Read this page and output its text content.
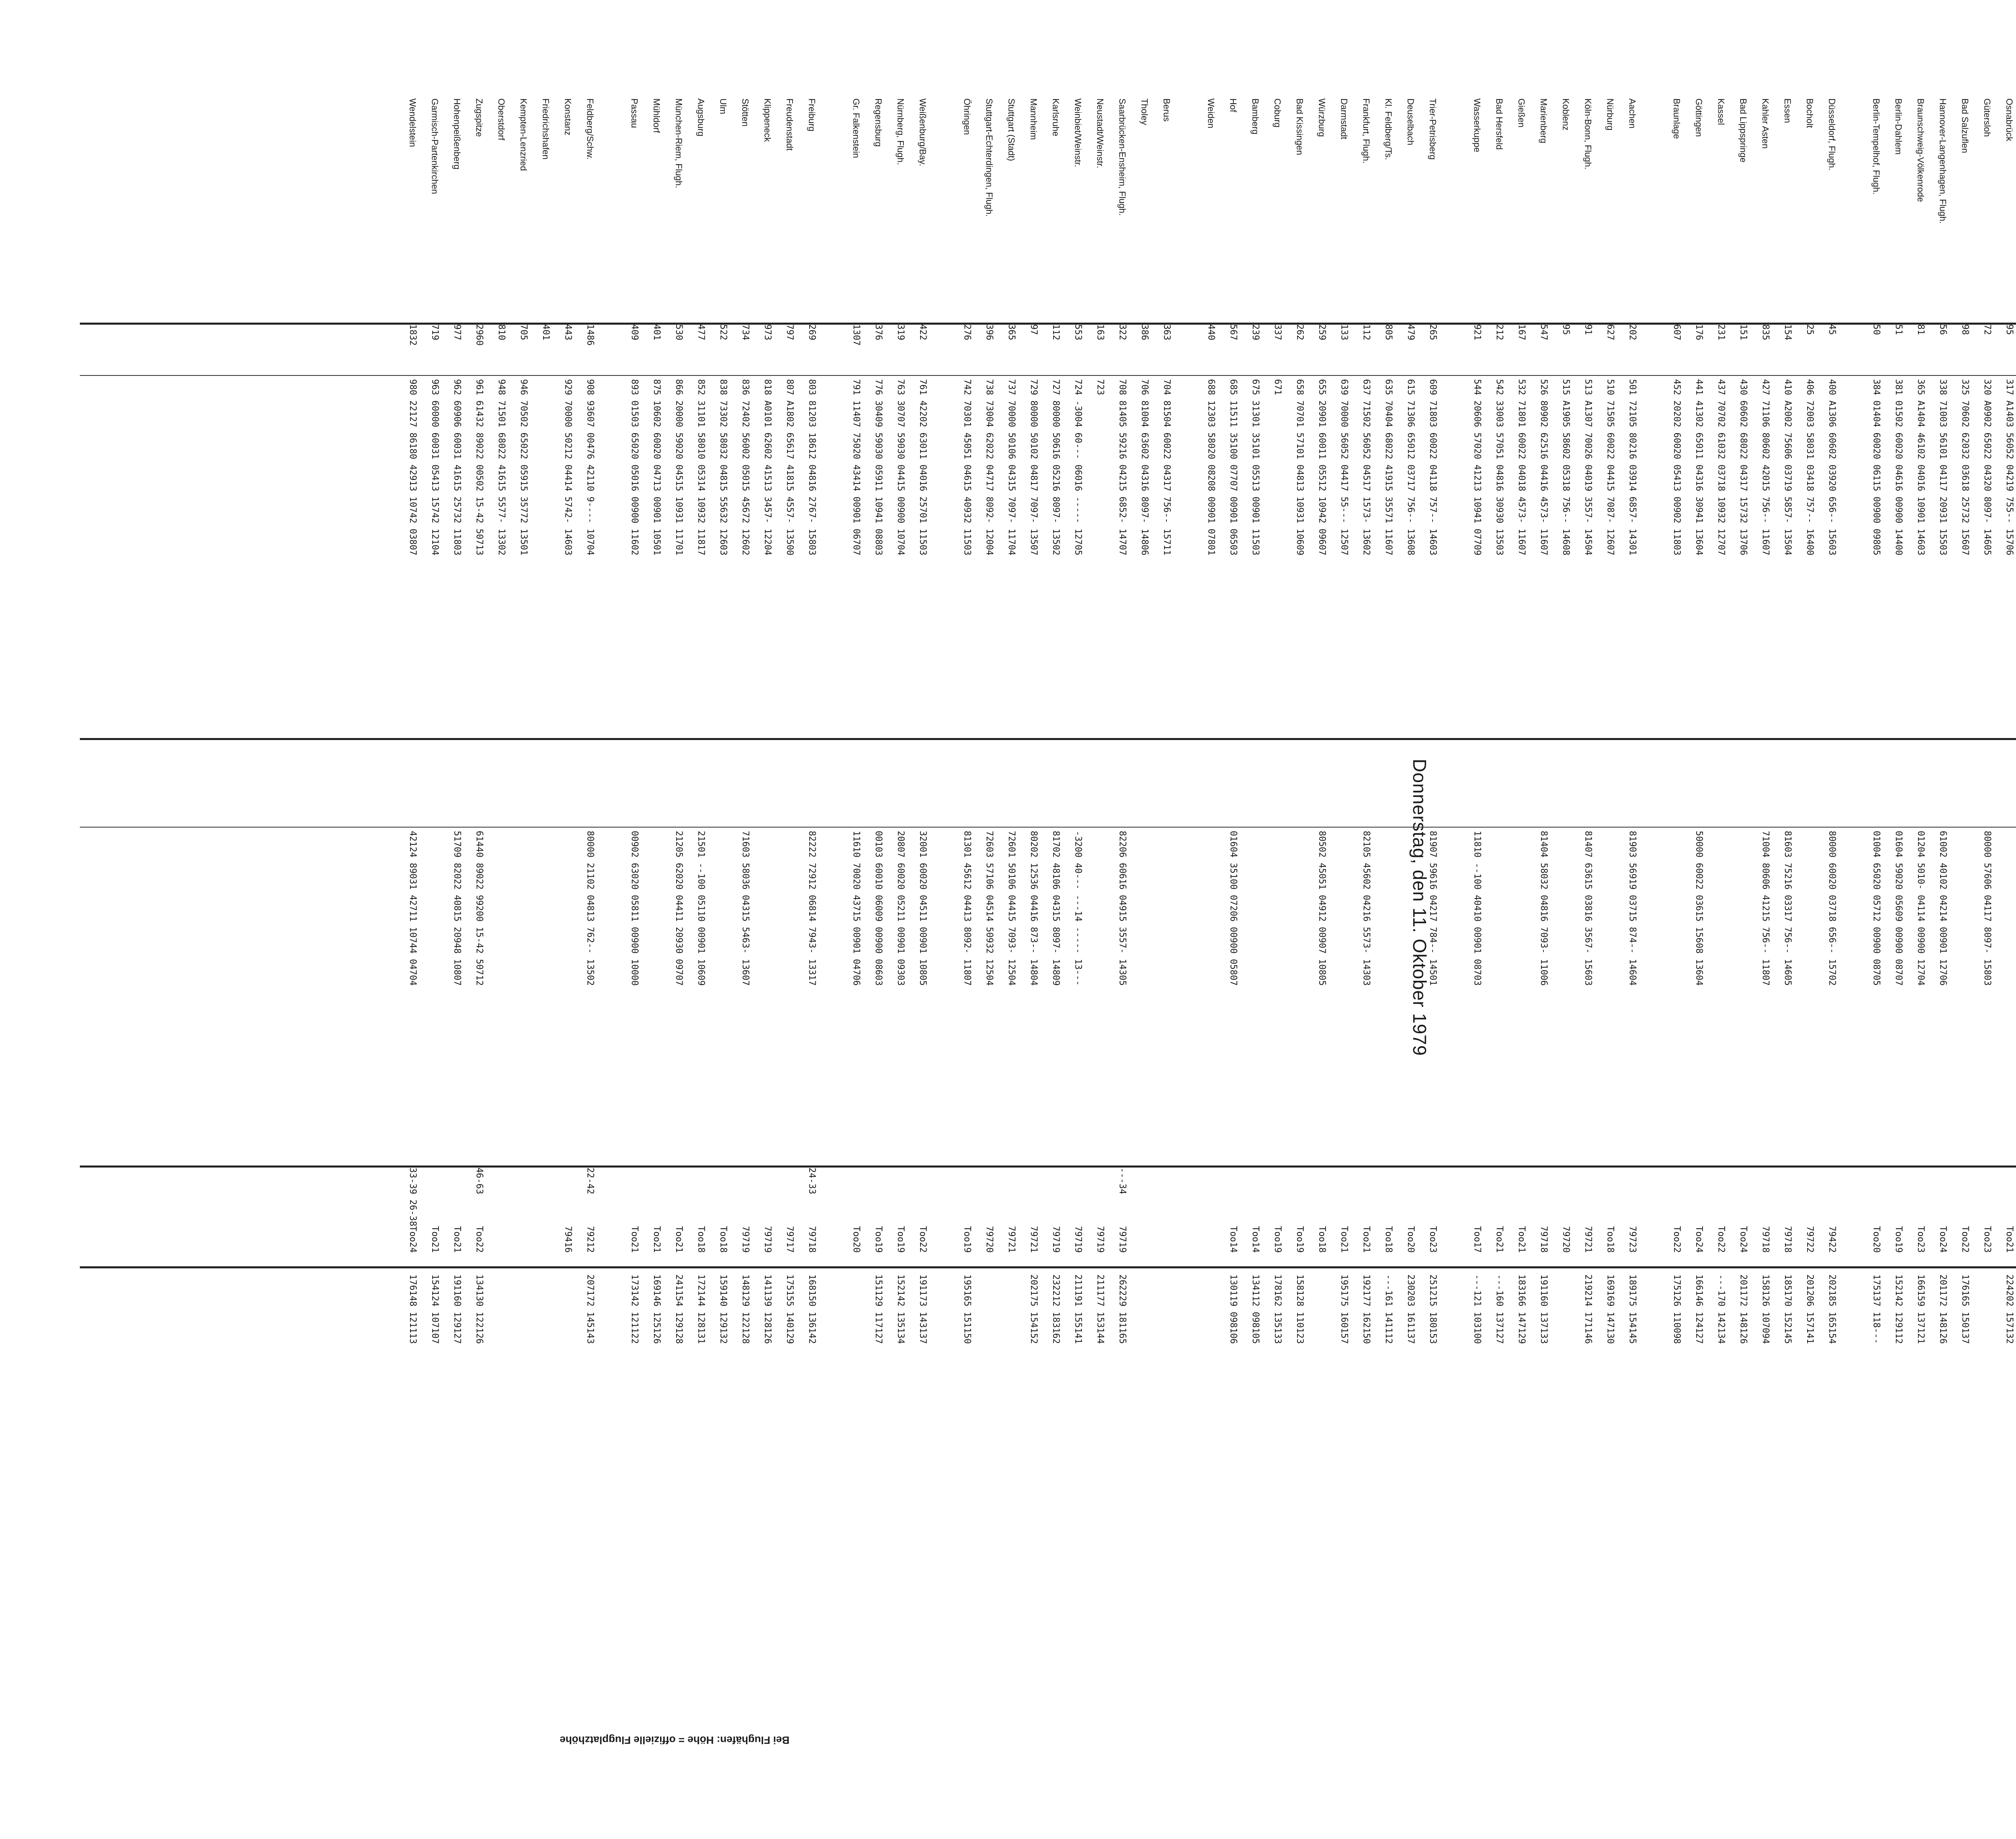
Donnerstag, den 11. Oktober 1979
Bei Flughäfen: Höhe = offizielle Flugplatzhöhe
Osnabrück
95
317 A1403 56052 04219 755-- 15706
Too21
224202 157132
Gütersloh
72
320 A0902 65022 04320 8097- 14605
80000 57606 04117 8097- 15803
Too23
Bad Salzuflen
98
325 70602 62032 03618 25732 15607
Too22
176165 150137
Hannover-Langenhagen, Flugh.
56
338 71003 56101 04117 20931 15503
61002 40102 04214 00901 12706
Too24
201172 148126
Braunschweig-Völkenrode
81
365 A1404 46102 04016 10901 14603
01204 5010- 04114 00900 12704
Too23
166159 137121
Berlin-Dahlem
51
381 01502 60020 04616 00900 14400
01604 59020 05609 00900 08707
Too19
152142 129112
Berlin-Tempelhof, Flugh.
50
384 01404 60020 06115 00900 09805
01004 65020 05712 00900 08705
Too20
175137 118---
Düsseldorf, Flugh.
45
400 A1306 60602 03920 656-- 15603
80000 60020 03718 656-- 15702
79422
202185 165154
Bocholt
25
406 72003 58031 03418 757-- 16400
79722
201206 157141
Essen
154
410 A2002 75606 03719 5857- 13504
81603 75216 03317 756-- 14605
79718
185170 152145
Kahler Asten
835
427 71106 80602 42015 756-- 11607
71004 80606 41215 756-- 11807
79718
158126 107094
Bad Lippspringe
151
430 60602 68022 04317 15732 13706
Too24
201172 148126
Kassel
231
437 70702 61032 03718 10932 12707
Too22
---170 142134
Göttingen
176
441 41302 65011 04316 30941 13604
50000 60022 03615 15608 13604
Too24
166146 124127
Braunlage
607
452 20202 60020 05413 00902 11803
Too22
175126 110098
Aachen
202
501 72105 80216 03914 6857- 14301
81903 56919 03715 874-- 14604
79723
189175 154145
Nürburg
627
510 71505 60022 04415 7087- 12607
Too18
169169 147130
Köln-Bonn, Flugh.
91
513 A1307 70026 04019 3557- 14504
81407 63615 03816 3567- 15603
79721
219214 171146
Koblenz
95
515 A1905 58602 05318 756-- 14608
79720
Marienberg
547
526 80902 62516 04416 4573- 11607
81404 58032 04816 7093- 11006
79718
191160 137133
Gießen
167
532 71801 60022 04018 4573- 11607
Too21
183166 147129
Bad Hersfeld
212
542 33003 57051 04816 30930 13503
Too21
---160 137127
Wasserkuppe
921
544 20606 57020 41213 10941 07709
11810 --100 40410 00901 08703
Too17
---121 103100
Trier-Petrisberg
265
609 71803 60022 04118 757-- 14603
81907 59616 04217 784-- 14501
Too23
251215 180153
Deuselbach
479
615 71306 65012 03717 756-- 13608
Too20
230203 161137
Kl. Feldberg/Ts.
805
635 70404 68022 41915 35571 11607
Too18
---161 141112
Frankfurt, Flugh.
112
637 71502 56052 04517 1573- 13602
82105 45602 04216 5573- 14303
Too21
192177 162150
Darmstadt
133
639 70000 56052 04417 55--- 12507
Too21
195175 160157
Würzburg
259
655 20901 60011 05512 10942 09607
80502 45051 04912 00907 10805
Too18
Bad Kissingen
262
658 70701 57101 04813 10931 10609
Too19
158128 110123
Coburg
337
671
Too19
178162 135133
Bamberg
239
675 31301 35101 05513 00901 11503
Too14
134112 098105
Hof
567
685 11511 35100 07707 00901 06503
01604 35100 07206 00900 05807
Too14
130119 098106
Weiden
440
688 12303 58020 08208 00901 07801
Berus
363
704 81504 60022 04317 756-- 15711
Tholey
386
706 81004 63602 04316 8097- 14806
Saarbrücken-Ensheim, Flugh.
322
708 81405 59216 04215 6852- 14707
82206 60616 04915 3557- 14305
---34
79719
262229 181165
Neustadt/Weinstr.
163
723
79719
211177 153144
Weinbiet/Weinstr.
553
724 -3004 60--- 06016 ----- 12705
-3200 40--- ---14 ----- 13---
79719
211191 155141
Karlsruhe
112
727 80000 50616 05216 8097- 13502
81702 48106 04315 8097- 14809
79719
232212 183162
Mannheim
97
729 80000 50102 04817 7097- 13507
80202 12536 04416 873-- 14804
79721
202175 154152
Stuttgart (Stadt)
365
737 70000 50106 04315 7097- 11704
72601 50106 04415 7093- 12504
79721
Stuttgart-Echterdingen, Flugh.
396
738 73004 62022 04717 8092- 12004
72603 57106 04514 50932 12504
79720
Öhringen
276
742 70301 45051 04615 40932 11503
81301 45612 04413 8092- 11807
Too19
195165 151150
Weißenburg/Bay.
422
761 42202 63011 04016 25701 11503
32001 60020 04511 00901 10805
Too22
191173 143137
Nürnberg, Flugh.
319
763 30707 59030 04415 00900 10704
20807 60020 05211 00901 09303
Too19
152142 135134
Regensburg
376
776 30409 59030 05911 10941 08803
00103 60010 06009 00900 08603
Too19
151129 117127
Gr. Falkenstein
1307
791 11407 75020 43414 00901 06707
11610 70020 43715 00901 04706
Too20
Freiburg
269
803 81203 18612 04816 2767- 15803
82222 72912 06814 7943- 13317
24-33
79718
168150 136142
Freudenstadt
797
807 A1802 65617 41815 4557- 13500
79717
175155 140129
Klippeneck
973
818 A0101 62602 41513 3457- 12204
79719
141139 128126
Stötten
734
836 72402 56002 05015 45672 12602
71603 58036 04315 5463- 13607
79719
148129 122128
Ulm
522
838 73302 58032 04815 55632 12603
Too18
159140 129132
Augsburg
477
852 31101 58010 05314 10932 11817
21501 --100 05110 00901 10609
Too18
172144 128131
München-Riem, Flugh.
530
866 20000 59020 04515 10931 11701
21205 62020 04411 20930 09707
Too21
241154 129128
Mühldorf
401
875 10602 60020 04713 00901 10501
Too21
169146 125126
Passau
409
893 01503 65020 05016 00900 11602
00902 63020 05811 00900 10000
Too21
173142 121122
Feldberg/Schw.
1486
908 93607 00476 42110 9---- 10704
80000 21102 04813 762-- 13502
22-42
79212
207172 145143
Konstanz
443
929 70000 50212 04414 5742- 14603
79416
Friedrichshafen
401
Kempten-Lenzried
705
946 70502 65022 05915 35772 13501
Oberstdorf
810
948 71501 68022 41615 5577- 13302
Zugspitze
2960
961 61432 89022 00502 15-42 50713
61440 89022 99200 15-42 50712
46-63
Too22
134130 122126
Hohenpeißenberg
977
962 60906 60031 41615 25732 11803
51709 82022 40815 20948 10807
Too21
191160 129127
Garmisch-Partenkirchen
719
963 60000 60031 05413 15742 12104
Too21
154124 107107
Wendelstein
1832
980 22127 86180 42913 10742 03807
42124 89031 42711 10744 04704
33-39 26-38
Too24
176148 121113
